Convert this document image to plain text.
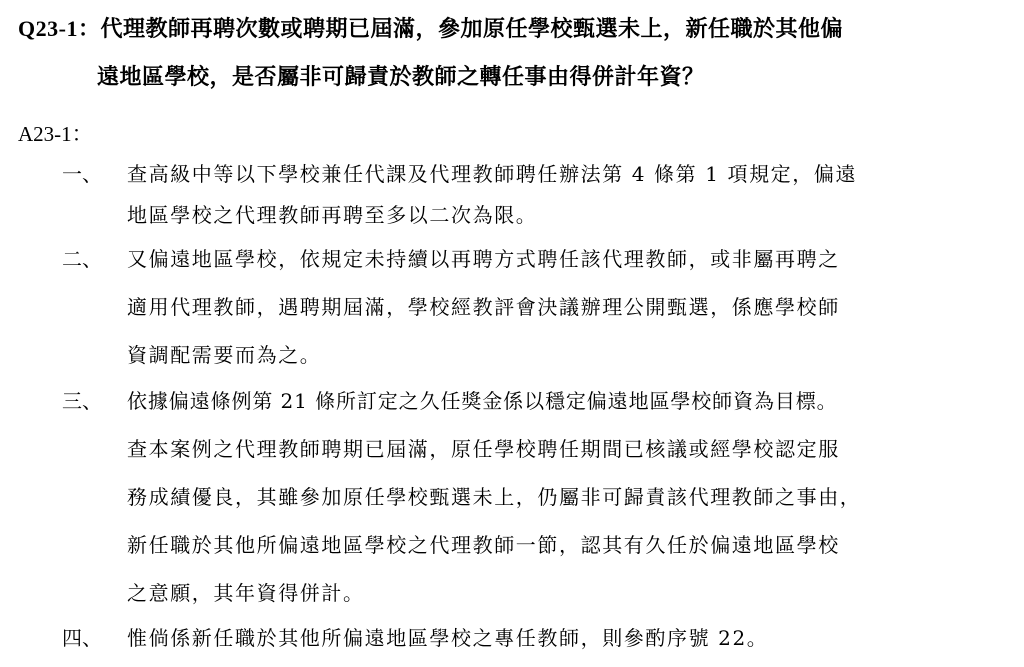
Q23-1：代理教師再聘次數或聘期已屆滿，參加原任學校甄選未上，新任職於其他偏
遠地區學校，是否屬非可歸責於教師之轉任事由得併計年資？
A23-1：
一、 查高級中等以下學校兼任代課及代理教師聘任辦法第 4 條第 1 項規定，偏遠
地區學校之代理教師再聘至多以二次為限。
二、 又偏遠地區學校，依規定未持續以再聘方式聘任該代理教師，或非屬再聘之
適用代理教師，遇聘期屆滿，學校經教評會決議辦理公開甄選，係應學校師
資調配需要而為之。
三、 依據偏遠條例第 21 條所訂定之久任獎金係以穩定偏遠地區學校師資為目標。
查本案例之代理教師聘期已屆滿，原任學校聘任期間已核議或經學校認定服
務成績優良，其雖參加原任學校甄選未上，仍屬非可歸責該代理教師之事由，
新任職於其他所偏遠地區學校之代理教師一節，認其有久任於偏遠地區學校
之意願，其年資得併計。
四、 惟倘係新任職於其他所偏遠地區學校之專任教師，則參酌序號 22。
